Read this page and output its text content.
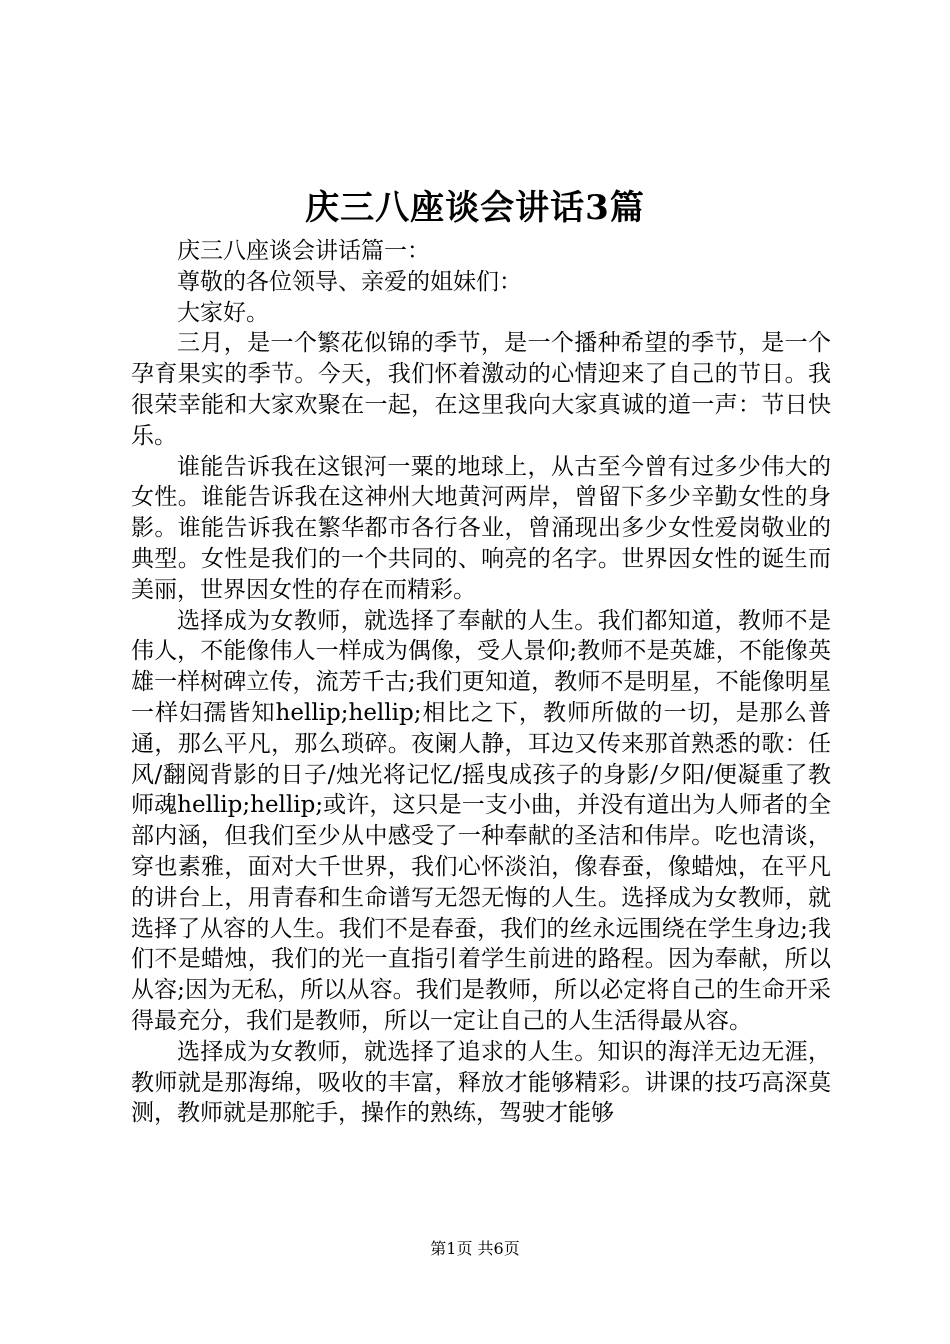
庆三八座谈会讲话3篇

庆三八座谈会讲话篇一：

尊敬的各位领导、亲爱的姐妹们：

大家好。

三月，是一个繁花似锦的季节，是一个播种希望的季节，是一个孕育果实的季节。今天，我们怀着激动的心情迎来了自己的节日。我很荣幸能和大家欢聚在一起，在这里我向大家真诚的道一声：节日快乐。

谁能告诉我在这银河一粟的地球上，从古至今曾有过多少伟大的女性。谁能告诉我在这神州大地黄河两岸，曾留下多少辛勤女性的身影。谁能告诉我在繁华都市各行各业，曾涌现出多少女性爱岗敬业的典型。女性是我们的一个共同的、响亮的名字。世界因女性的诞生而美丽，世界因女性的存在而精彩。

选择成为女教师，就选择了奉献的人生。我们都知道，教师不是伟人，不能像伟人一样成为偶像，受人景仰;教师不是英雄，不能像英雄一样树碑立传，流芳千古;我们更知道，教师不是明星，不能像明星一样妇孺皆知hellip;hellip;相比之下，教师所做的一切，是那么普通，那么平凡，那么琐碎。夜阑人静，耳边又传来那首熟悉的歌：任风/翻阅背影的日子/烛光将记忆/摇曳成孩子的身影/夕阳/便凝重了教师魂hellip;hellip;或许，这只是一支小曲，并没有道出为人师者的全部内涵，但我们至少从中感受了一种奉献的圣洁和伟岸。吃也清谈，穿也素雅，面对大千世界，我们心怀淡泊，像春蚕，像蜡烛，在平凡的讲台上，用青春和生命谱写无怨无悔的人生。选择成为女教师，就选择了从容的人生。我们不是春蚕，我们的丝永远围绕在学生身边;我们不是蜡烛，我们的光一直指引着学生前进的路程。因为奉献，所以从容;因为无私，所以从容。我们是教师，所以必定将自己的生命开采得最充分，我们是教师，所以一定让自己的人生活得最从容。

选择成为女教师，就选择了追求的人生。知识的海洋无边无涯，教师就是那海绵，吸收的丰富，释放才能够精彩。讲课的技巧高深莫测，教师就是那舵手，操作的熟练，驾驶才能够

第1页 共6页
